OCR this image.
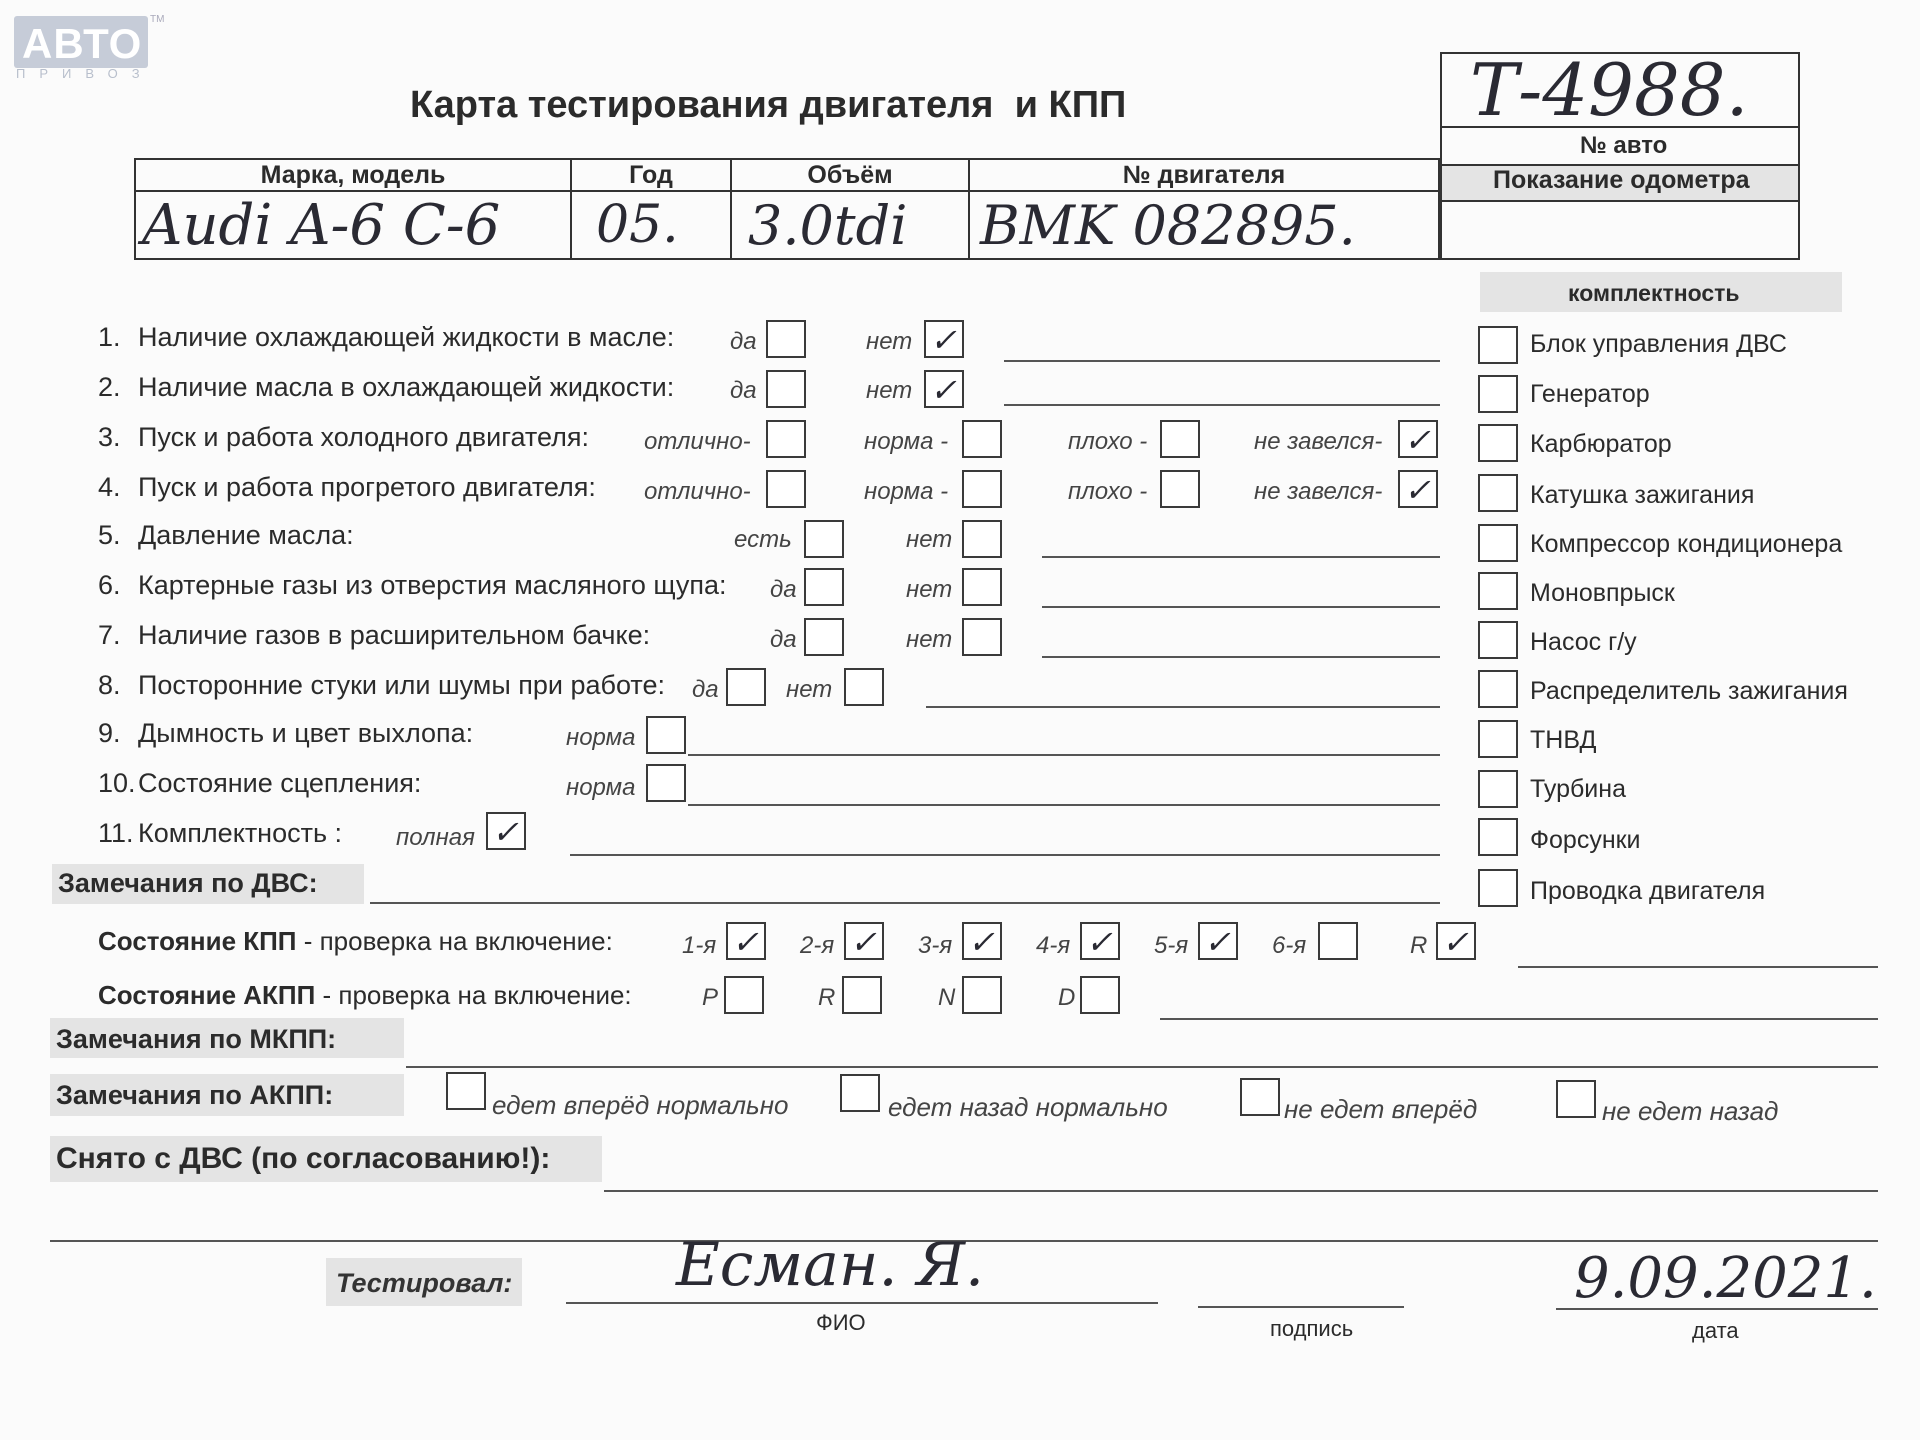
АВТО
TM
ПРИВОЗ
Карта тестирования двигателя  и КПП	Т-4988.
№ авто
Показание одометра
Марка, модель	Год	Объём	№ двигателя
Audi A-6 C-6	05.	3.0tdi	BMK 082895.
комплектность
Блок управления ДВС
Генератор
Карбюратор
Катушка зажигания
Компрессор кондиционера
Моновпрыск
Насос г/у
Распределитель зажигания
ТНВД
Турбина
Форсунки
Проводка двигателя
1. Наличие охлаждающей жидкости в масле: да	нет ✓
2. Наличие масла в охлаждающей жидкости: да	нет ✓
3. Пуск и работа холодного двигателя: отлично-	норма -	плохо -	не завелся- ✓
4. Пуск и работа прогретого двигателя: отлично-	норма -	плохо -	не завелся- ✓
5. Давление масла:	есть	нет
6. Картерные газы из отверстия масляного щупа: да	нет
7. Наличие газов в расширительном бачке:	да	нет
8. Посторонние стуки или шумы при работе: да	нет
9. Дымность и цвет выхлопа:	норма
10. Состояние сцепления:	норма
11. Комплектность : полная ✓
Замечания по ДВС:
Состояние КПП - проверка на включение:	1-я ✓ 2-я ✓ 3-я ✓ 4-я ✓ 5-я ✓ 6-я	R ✓
Состояние АКПП - проверка на включение:	P	R	N	D
Замечания по МКПП:
Замечания по АКПП:	едет вперёд нормально	едет назад нормально	не едет вперёд	не едет назад
Снято с ДВС (по согласованию!):
Тестировал:	Есман. Я.
ФИО	подпись
9.09.2021.
дата
